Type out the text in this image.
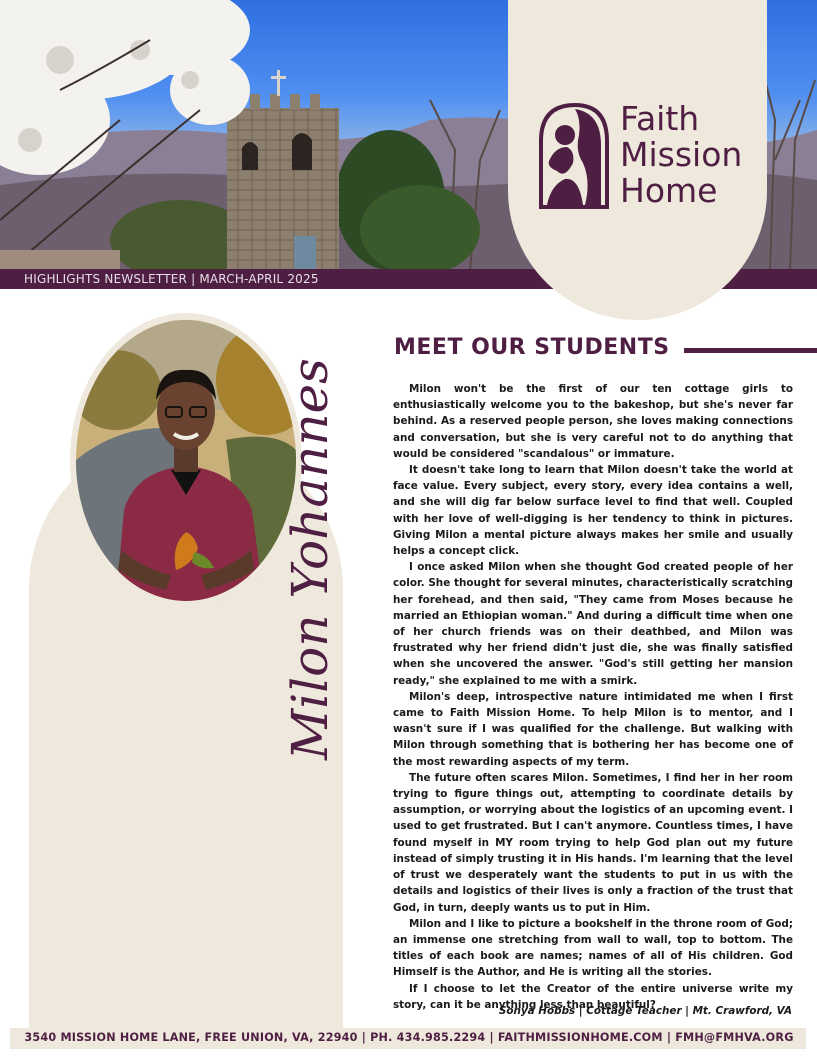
HIGHLIGHTS NEWSLETTER | MARCH-APRIL 2025
Faith
Mission
Home
Milon Yohannes
MEET OUR STUDENTS

Milon won't be the first of our ten cottage girls to enthusiastically welcome you to the bakeshop, but she's never far behind. As a reserved people person, she loves making connections and conversation, but she is very careful not to do anything that would be considered "scandalous" or immature.

It doesn't take long to learn that Milon doesn't take the world at face value. Every subject, every story, every idea contains a well, and she will dig far below surface level to find that well. Coupled with her love of well-digging is her tendency to think in pictures. Giving Milon a mental picture always makes her smile and usually helps a concept click.

I once asked Milon when she thought God created people of her color. She thought for several minutes, characteristically scratching her forehead, and then said, "They came from Moses because he married an Ethiopian woman." And during a difficult time when one of her church friends was on their deathbed, and Milon was frustrated why her friend didn't just die, she was finally satisfied when she uncovered the answer. "God's still getting her mansion ready," she explained to me with a smirk.

Milon's deep, introspective nature intimidated me when I first came to Faith Mission Home. To help Milon is to mentor, and I wasn't sure if I was qualified for the challenge. But walking with Milon through something that is bothering her has become one of the most rewarding aspects of my term.

The future often scares Milon. Sometimes, I find her in her room trying to figure things out, attempting to coordinate details by assumption, or worrying about the logistics of an upcoming event. I used to get frustrated. But I can't anymore. Countless times, I have found myself in MY room trying to help God plan out my future instead of simply trusting it in His hands. I'm learning that the level of trust we desperately want the students to put in us with the details and logistics of their lives is only a fraction of the trust that God, in turn, deeply wants us to put in Him.

Milon and I like to picture a bookshelf in the throne room of God; an immense one stretching from wall to wall, top to bottom. The titles of each book are names; names of all of His children. God Himself is the Author, and He is writing all the stories.

If I choose to let the Creator of the entire universe write my story, can it be anything less than beautiful?

Sonya Hobbs | Cottage Teacher | Mt. Crawford, VA
3540 MISSION HOME LANE, FREE UNION, VA, 22940 | PH. 434.985.2294 | FAITHMISSIONHOME.COM | FMH@FMHVA.ORG
